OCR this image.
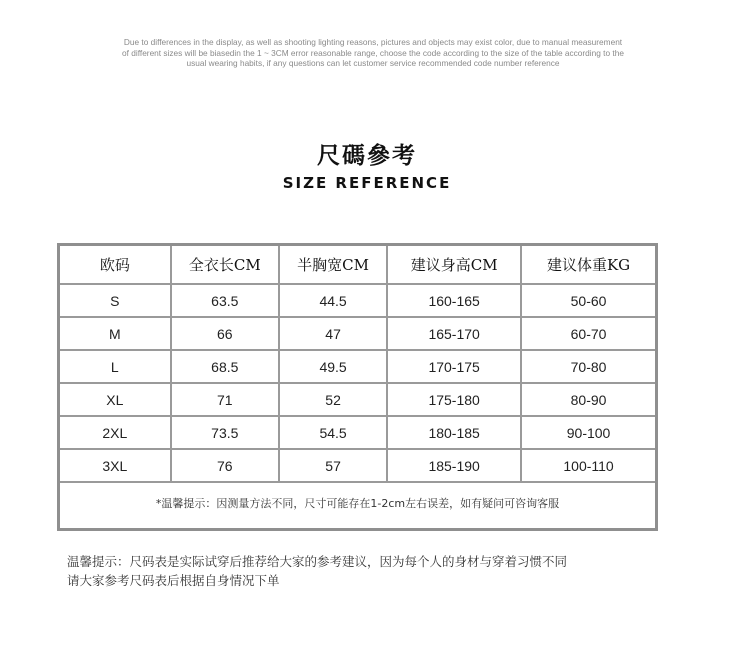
Due to differences in the display, as well as shooting lighting reasons, pictures and objects may exist color, due to manual measurement
of different sizes will be biasedin the 1 ~ 3CM error reasonable range, choose the code according to the size of the table according to the
usual wearing habits, if any questions can let customer service recommended code number reference

尺碼參考
SIZE REFERENCE
欧码	全衣长CM	半胸宽CM	建议身高CM	建议体重KG
S	63.5	44.5	160-165	50-60
M	66	47	165-170	60-70
L	68.5	49.5	170-175	70-80
XL	71	52	175-180	80-90
2XL	73.5	54.5	180-185	90-100
3XL	76	57	185-190	100-110
*温馨提示：因测量方法不同，尺寸可能存在1-2cm左右误差，如有疑问可咨询客服				

温馨提示：尺码表是实际试穿后推荐给大家的参考建议，因为每个人的身材与穿着习惯不同
请大家参考尺码表后根据自身情况下单
